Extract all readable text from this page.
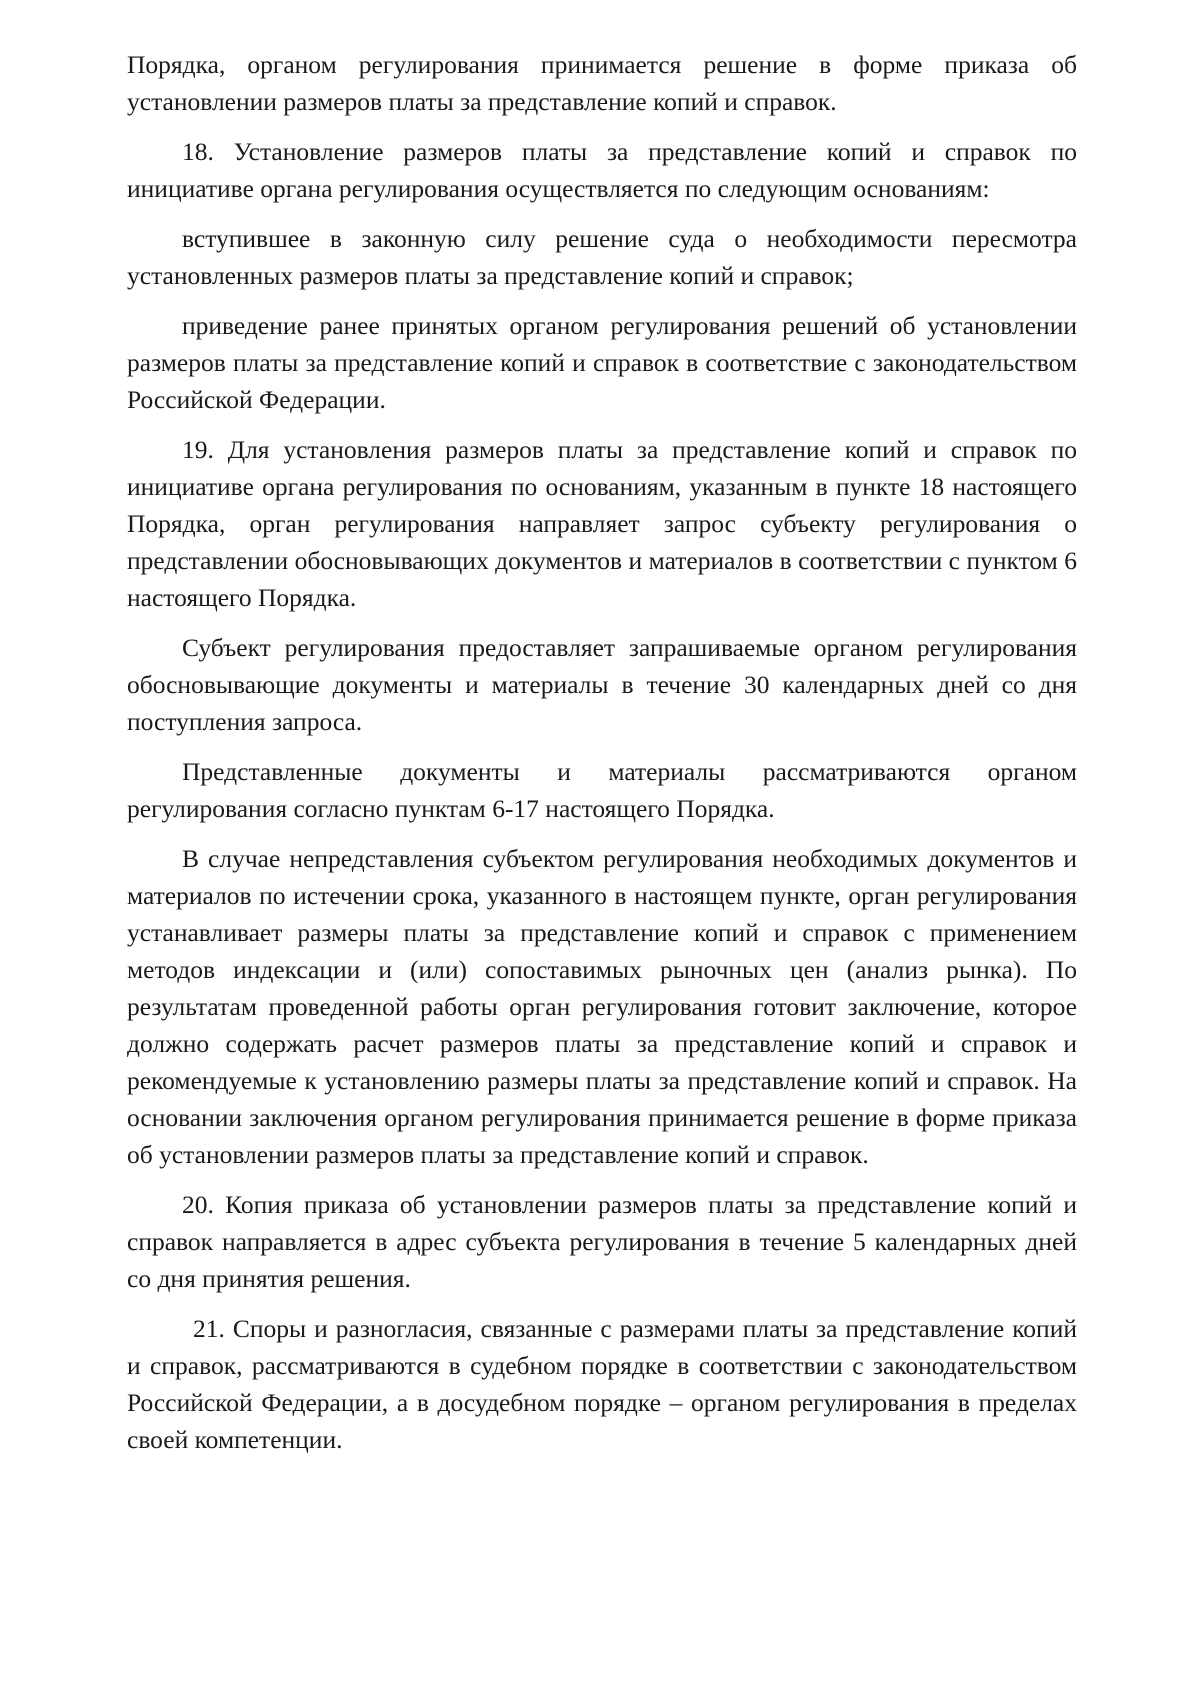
Порядка, органом регулирования принимается решение в форме приказа об установлении размеров платы за представление копий и справок.

18. Установление размеров платы за представление копий и справок по инициативе органа регулирования осуществляется по следующим основаниям:

вступившее в законную силу решение суда о необходимости пересмотра установленных размеров платы за представление копий и справок;

приведение ранее принятых органом регулирования решений об установлении размеров платы за представление копий и справок в соответствие с законодательством Российской Федерации.

19. Для установления размеров платы за представление копий и справок по инициативе органа регулирования по основаниям, указанным в пункте 18 настоящего Порядка, орган регулирования направляет запрос субъекту регулирования о представлении обосновывающих документов и материалов в соответствии с пунктом 6 настоящего Порядка.

Субъект регулирования предоставляет запрашиваемые органом регулирования обосновывающие документы и материалы в течение 30 календарных дней со дня поступления запроса.

Представленные документы и материалы рассматриваются органом регулирования согласно пунктам 6-17 настоящего Порядка.

В случае непредставления субъектом регулирования необходимых документов и материалов по истечении срока, указанного в настоящем пункте, орган регулирования устанавливает размеры платы за представление копий и справок с применением методов индексации и (или) сопоставимых рыночных цен (анализ рынка). По результатам проведенной работы орган регулирования готовит заключение, которое должно содержать расчет размеров платы за представление копий и справок и рекомендуемые к установлению размеры платы за представление копий и справок. На основании заключения органом регулирования принимается решение в форме приказа об установлении размеров платы за представление копий и справок.

20. Копия приказа об установлении размеров платы за представление копий и справок направляется в адрес субъекта регулирования в течение 5 календарных дней со дня принятия решения.

21. Споры и разногласия, связанные с размерами платы за представление копий и справок, рассматриваются в судебном порядке в соответствии с законодательством Российской Федерации, а в досудебном порядке – органом регулирования в пределах своей компетенции.
